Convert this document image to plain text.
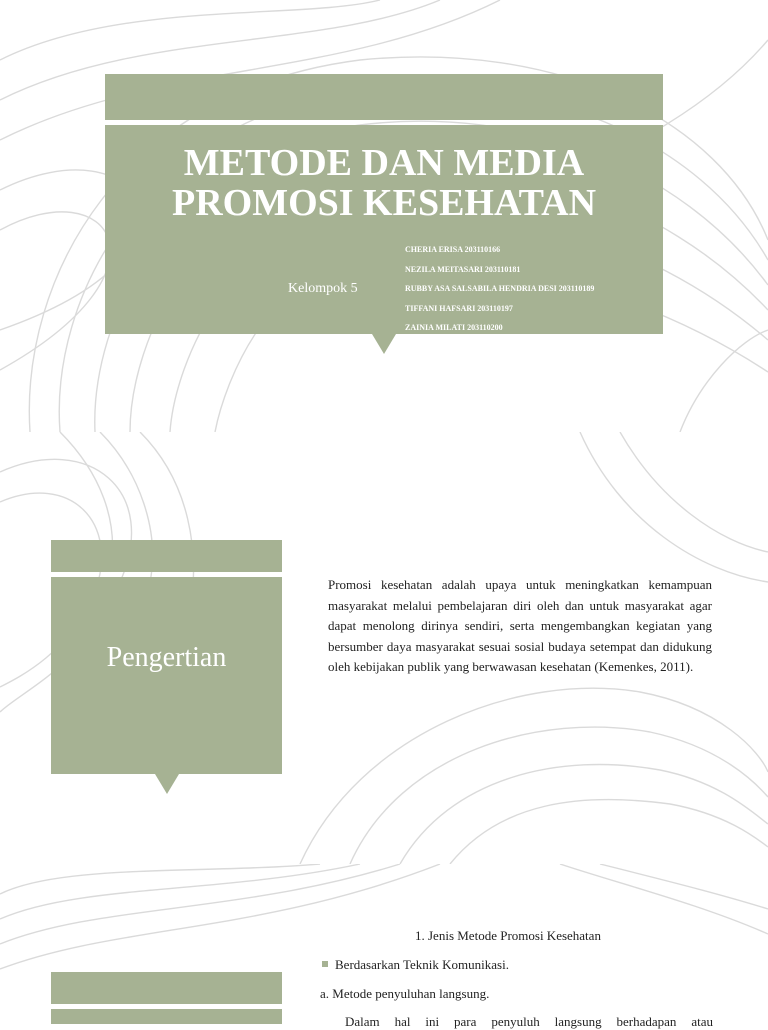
METODE DAN MEDIA
PROMOSI KESEHATAN
Kelompok 5
CHERIA ERISA 203110166
NEZILA MEITASARI 203110181
RUBBY ASA SALSABILA HENDRIA DESI 203110189
TIFFANI HAFSARI 203110197
ZAINIA MILATI 203110200
Pengertian

Promosi kesehatan adalah upaya untuk meningkatkan kemampuan masyarakat melalui pembelajaran diri oleh dan untuk masyarakat agar dapat menolong dirinya sendiri, serta mengembangkan kegiatan yang bersumber daya masyarakat sesuai sosial budaya setempat dan didukung oleh kebijakan publik yang berwawasan kesehatan (Kemenkes, 2011).

1. Jenis Metode Promosi Kesehatan
Berdasarkan Teknik Komunikasi.
a. Metode penyuluhan langsung.
Dalam hal ini para penyuluh langsung berhadapan atau
